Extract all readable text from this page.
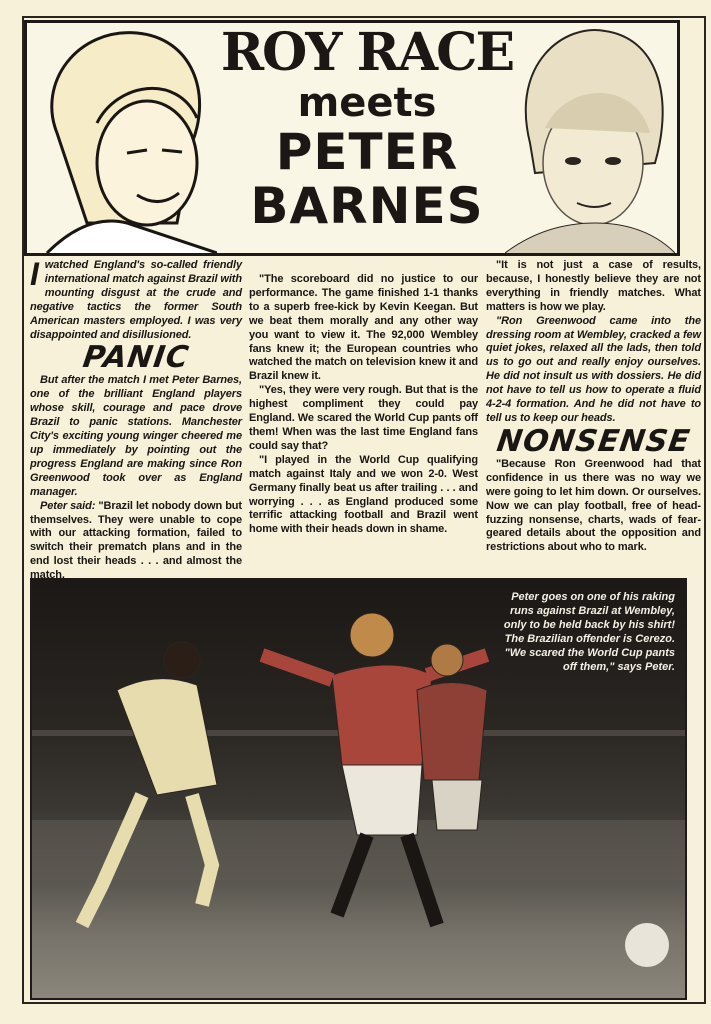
ROY RACE
meets
PETER
BARNES

Iwatched England's so-called friendly international match against Brazil with mounting disgust at the crude and negative tactics the former South American masters employed. I was very disappointed and disillusioned.

PANIC

But after the match I met Peter Barnes, one of the brilliant England players whose skill, courage and pace drove Brazil to panic stations. Manchester City's exciting young winger cheered me up immediately by pointing out the progress England are making since Ron Greenwood took over as England manager.

Peter said: "Brazil let nobody down but themselves. They were unable to cope with our attacking formation, failed to switch their prematch plans and in the end lost their heads . . . and almost the match.

"The scoreboard did no justice to our performance. The game finished 1-1 thanks to a superb free-kick by Kevin Keegan. But we beat them morally and any other way you want to view it. The 92,000 Wembley fans knew it; the European countries who watched the match on television knew it and Brazil knew it.

"Yes, they were very rough. But that is the highest compliment they could pay England. We scared the World Cup pants off them! When was the last time England fans could say that?

"I played in the World Cup qualifying match against Italy and we won 2-0. West Germany finally beat us after trailing . . . and worrying . . . as England produced some terrific attacking football and Brazil went home with their heads down in shame.

"It is not just a case of results, because, I honestly believe they are not everything in friendly matches. What matters is how we play.

"Ron Greenwood came into the dressing room at Wembley, cracked a few quiet jokes, relaxed all the lads, then told us to go out and really enjoy ourselves. He did not insult us with dossiers. He did not have to tell us how to operate a fluid 4-2-4 formation. And he did not have to tell us to keep our heads.

NONSENSE

"Because Ron Greenwood had that confidence in us there was no way we were going to let him down. Or ourselves. Now we can play football, free of head-fuzzing nonsense, charts, wads of fear-geared details about the opposition and restrictions about who to mark.

Peter goes on one of his raking runs against Brazil at Wembley, only to be held back by his shirt! The Brazilian offender is Cerezo. "We scared the World Cup pants off them," says Peter.
